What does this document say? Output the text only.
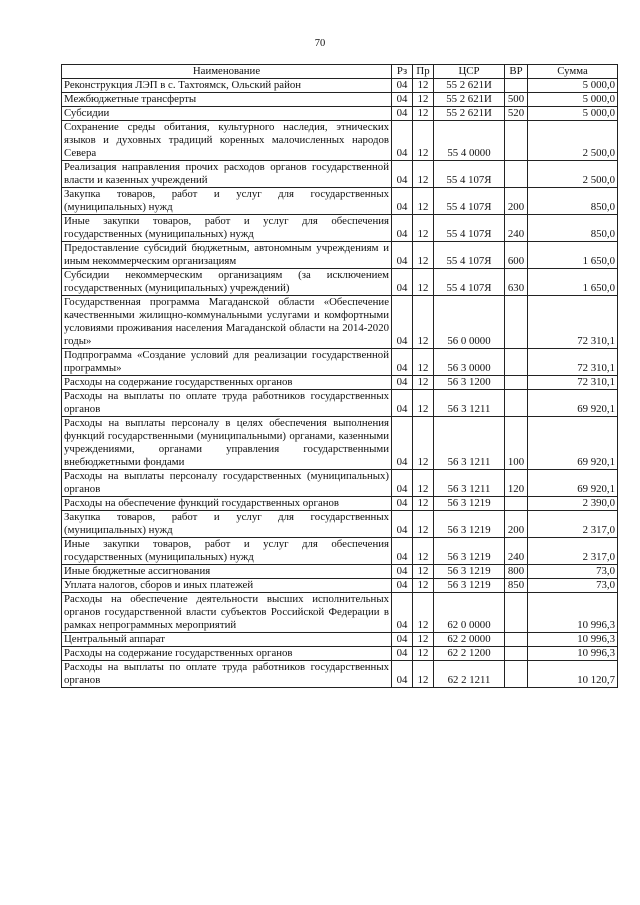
70
Наименование	Рз	Пр	ЦСР	ВР	Сумма
Реконструкция ЛЭП в с. Тахтоямск, Ольский район	04	12	55 2 621И		5 000,0
Межбюджетные трансферты	04	12	55 2 621И	500	5 000,0
Субсидии	04	12	55 2 621И	520	5 000,0
Сохранение среды обитания, культурного наследия, этнических языков и духовных традиций коренных малочисленных народов Севера	04	12	55 4 0000		2 500,0
Реализация направления прочих расходов органов государственной власти и казенных учреждений	04	12	55 4 107Я		2 500,0
Закупка товаров, работ и услуг для государственных (муниципальных) нужд	04	12	55 4 107Я	200	850,0
Иные закупки товаров, работ и услуг для обеспечения государственных (муниципальных) нужд	04	12	55 4 107Я	240	850,0
Предоставление субсидий бюджетным, автономным учреждениям и иным некоммерческим организациям	04	12	55 4 107Я	600	1 650,0
Субсидии некоммерческим организациям (за исключением государственных (муниципальных) учреждений)	04	12	55 4 107Я	630	1 650,0
Государственная программа Магаданской области «Обеспечение качественными жилищно-коммунальными услугами и комфортными условиями проживания населения Магаданской области на 2014-2020 годы»	04	12	56 0 0000		72 310,1
Подпрограмма «Создание условий для реализации государственной программы»	04	12	56 3 0000		72 310,1
Расходы на содержание государственных органов	04	12	56 3 1200		72 310,1
Расходы на выплаты по оплате труда работников государственных органов	04	12	56 3 1211		69 920,1
Расходы на выплаты персоналу в целях обеспечения выполнения функций государственными (муниципальными) органами, казенными учреждениями, органами управления государственными внебюджетными фондами	04	12	56 3 1211	100	69 920,1
Расходы на выплаты персоналу государственных (муниципальных) органов	04	12	56 3 1211	120	69 920,1
Расходы на обеспечение функций государственных органов	04	12	56 3 1219		2 390,0
Закупка товаров, работ и услуг для государственных (муниципальных) нужд	04	12	56 3 1219	200	2 317,0
Иные закупки товаров, работ и услуг для обеспечения государственных (муниципальных) нужд	04	12	56 3 1219	240	2 317,0
Иные бюджетные ассигнования	04	12	56 3 1219	800	73,0
Уплата налогов, сборов и иных платежей	04	12	56 3 1219	850	73,0
Расходы на обеспечение деятельности высших исполнительных органов государственной власти субъектов Российской Федерации в рамках непрограммных мероприятий	04	12	62 0 0000		10 996,3
Центральный аппарат	04	12	62 2 0000		10 996,3
Расходы на содержание государственных органов	04	12	62 2 1200		10 996,3
Расходы на выплаты по оплате труда работников государственных органов	04	12	62 2 1211		10 120,7
